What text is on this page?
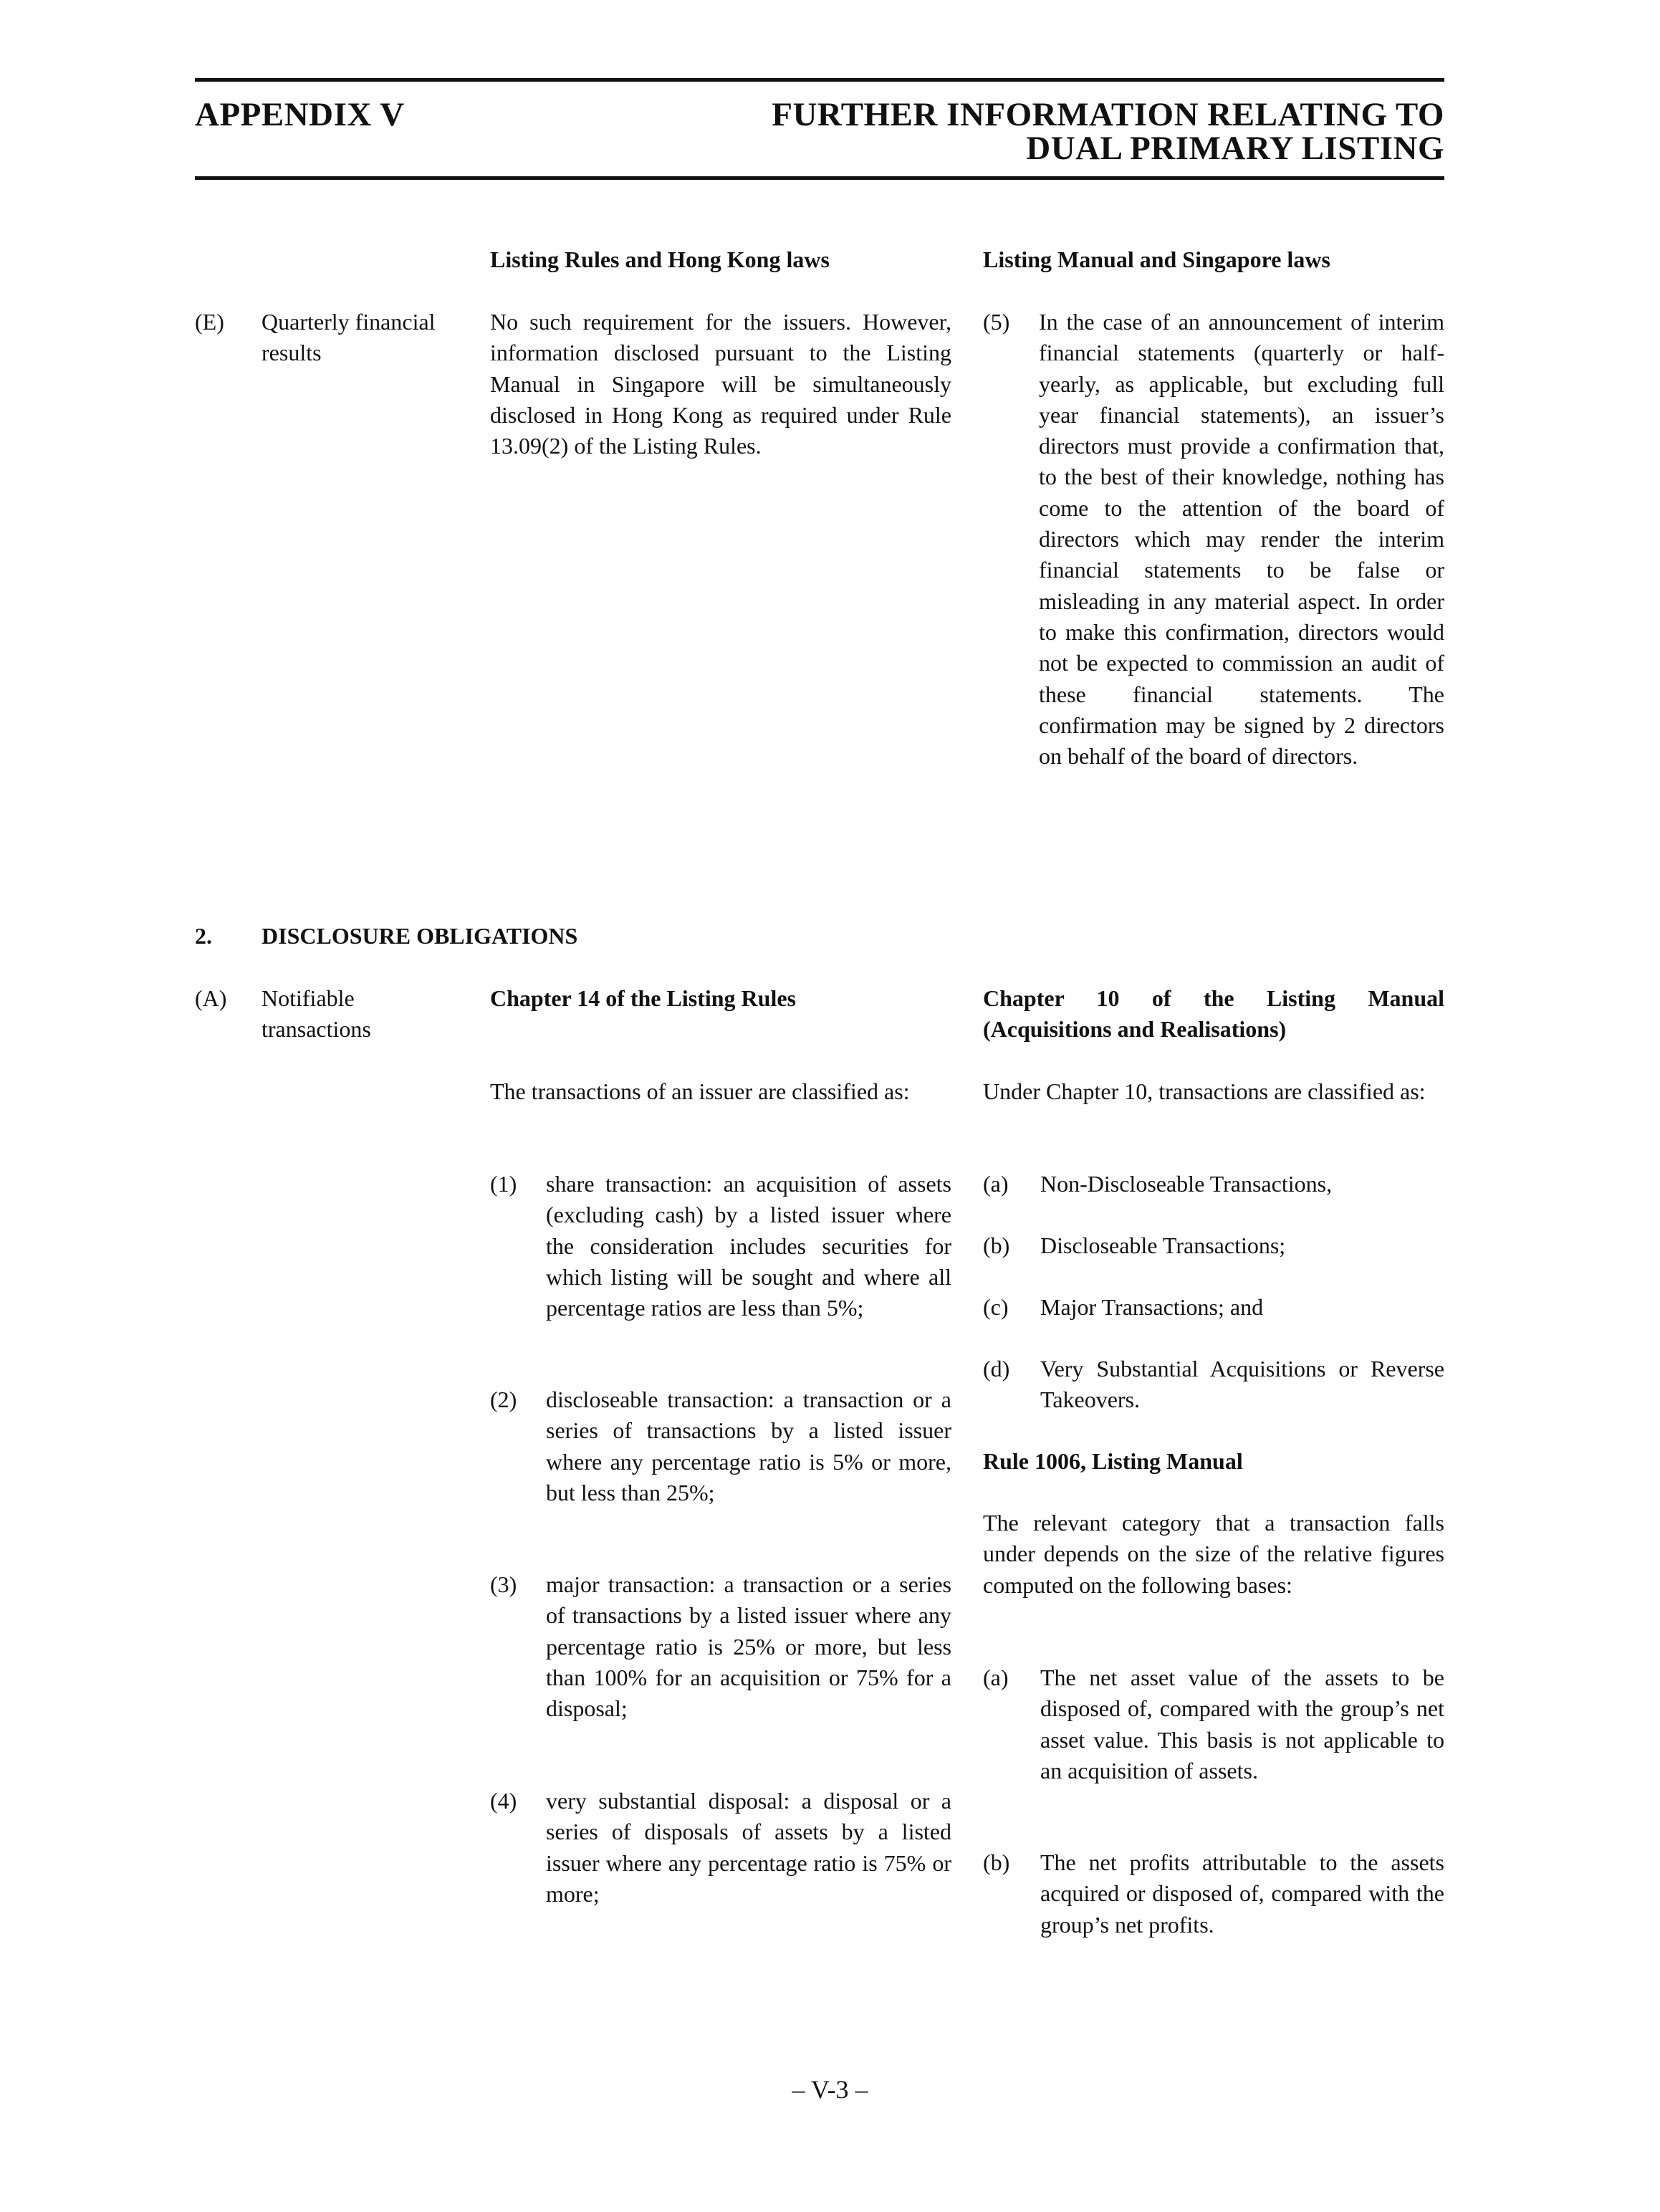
APPENDIX V	FURTHER INFORMATION RELATING TO
DUAL PRIMARY LISTING
Listing Rules and Hong Kong laws	Listing Manual and Singapore laws
(E) Quarterly financial results
No such requirement for the issuers. However, information disclosed pursuant to the Listing Manual in Singapore will be simultaneously disclosed in Hong Kong as required under Rule 13.09(2) of the Listing Rules.
(5) In the case of an announcement of interim financial statements (quarterly or half-yearly, as applicable, but excluding full year financial statements), an issuer’s directors must provide a confirmation that, to the best of their knowledge, nothing has come to the attention of the board of directors which may render the interim financial statements to be false or misleading in any material aspect. In order to make this confirmation, directors would not be expected to commission an audit of these financial statements. The confirmation may be signed by 2 directors on behalf of the board of directors.
2. DISCLOSURE OBLIGATIONS
(A) Notifiable transactions
Chapter 14 of the Listing Rules
The transactions of an issuer are classified as:
(1) share transaction: an acquisition of assets (excluding cash) by a listed issuer where the consideration includes securities for which listing will be sought and where all percentage ratios are less than 5%;
(2) discloseable transaction: a transaction or a series of transactions by a listed issuer where any percentage ratio is 5% or more, but less than 25%;
(3) major transaction: a transaction or a series of transactions by a listed issuer where any percentage ratio is 25% or more, but less than 100% for an acquisition or 75% for a disposal;
(4) very substantial disposal: a disposal or a series of disposals of assets by a listed issuer where any percentage ratio is 75% or more;
Chapter 10 of the Listing Manual (Acquisitions and Realisations)
Under Chapter 10, transactions are classified as:
(a) Non-Discloseable Transactions,
(b) Discloseable Transactions;
(c) Major Transactions; and
(d) Very Substantial Acquisitions or Reverse Takeovers.
Rule 1006, Listing Manual
The relevant category that a transaction falls under depends on the size of the relative figures computed on the following bases:
(a) The net asset value of the assets to be disposed of, compared with the group’s net asset value. This basis is not applicable to an acquisition of assets.
(b) The net profits attributable to the assets acquired or disposed of, compared with the group’s net profits.
– V-3 –
